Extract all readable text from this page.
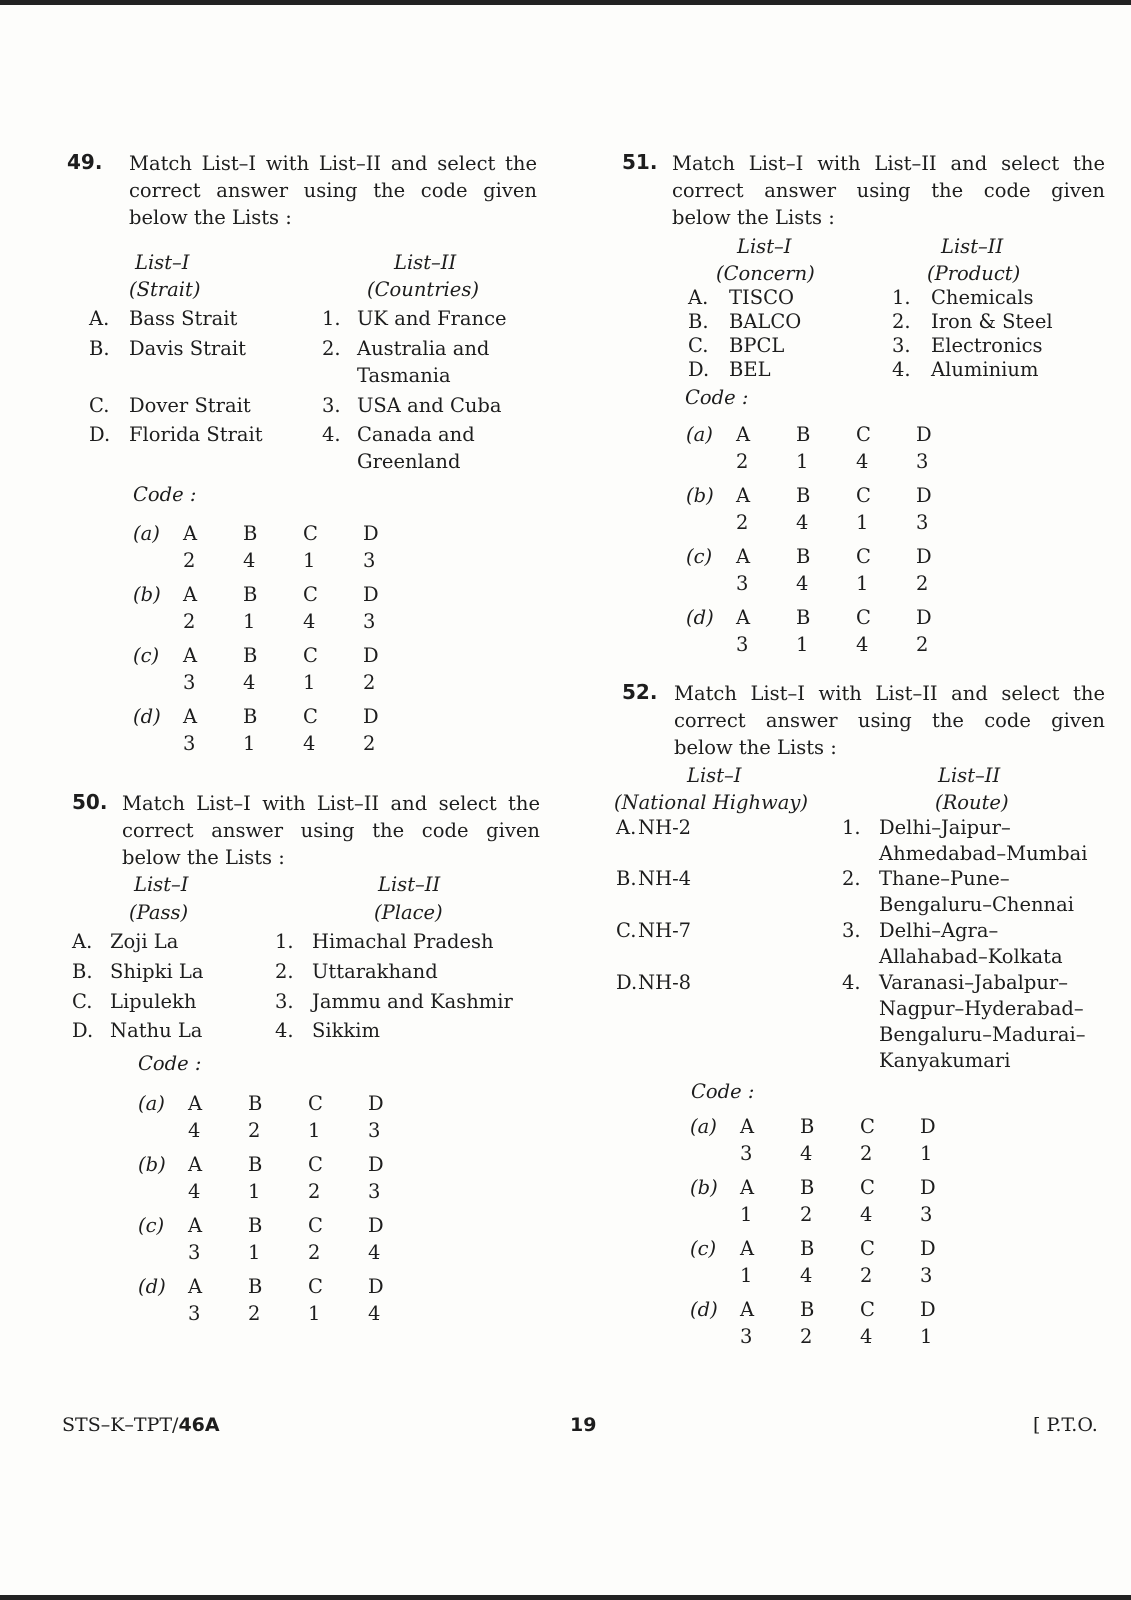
49. Match List–I with List–II and select the
correct answer using the code given
below the Lists :
List–I
(Strait)
List–II
(Countries)
A. Bass Strait
B. Davis Strait
C. Dover Strait
D. Florida Strait
1. UK and France
2. Australia and
Tasmania
3. USA and Cuba
4. Canada and
Greenland
Code :
(a) A
2
B
4
C
1
D
3
(b) A
2
B
1
C
4
D
3
(c) A
3
B
4
C
1
D
2
(d) A
3
B
1
C
4
D
2
50. Match List–I with List–II and select the
correct answer using the code given
below the Lists :
List–I
(Pass)
List–II
(Place)
A. Zoji La
B. Shipki La
C. Lipulekh
D. Nathu La
1. Himachal Pradesh
2. Uttarakhand
3. Jammu and Kashmir
4. Sikkim
Code :
(a) A
4
B
2
C
1
D
3
(b) A
4
B
1
C
2
D
3
(c) A
3
B
1
C
2
D
4
(d) A
3
B
2
C
1
D
4
51. Match List–I with List–II and select the
correct answer using the code given
below the Lists :
List–I
(Concern)
List–II
(Product)
A. TISCO
B. BALCO
C. BPCL
D. BEL
1. Chemicals
2. Iron & Steel
3. Electronics
4. Aluminium
Code :
(a) A
2
B
1
C
4
D
3
(b) A
2
B
4
C
1
D
3
(c) A
3
B
4
C
1
D
2
(d) A
3
B
1
C
4
D
2
52. Match List–I with List–II and select the
correct answer using the code given
below the Lists :
List–I
(National Highway)
List–II
(Route)
A. NH-2
B. NH-4
C. NH-7
D. NH-8
1. Delhi–Jaipur–
Ahmedabad–Mumbai
2. Thane–Pune–
Bengaluru–Chennai
3. Delhi–Agra–
Allahabad–Kolkata
4. Varanasi–Jabalpur–
Nagpur–Hyderabad–
Bengaluru–Madurai–
Kanyakumari
Code :
(a) A
3
B
4
C
2
D
1
(b) A
1
B
2
C
4
D
3
(c) A
1
B
4
C
2
D
3
(d) A
3
B
2
C
4
D
1
STS–K–TPT/46A	19	[ P.T.O.
